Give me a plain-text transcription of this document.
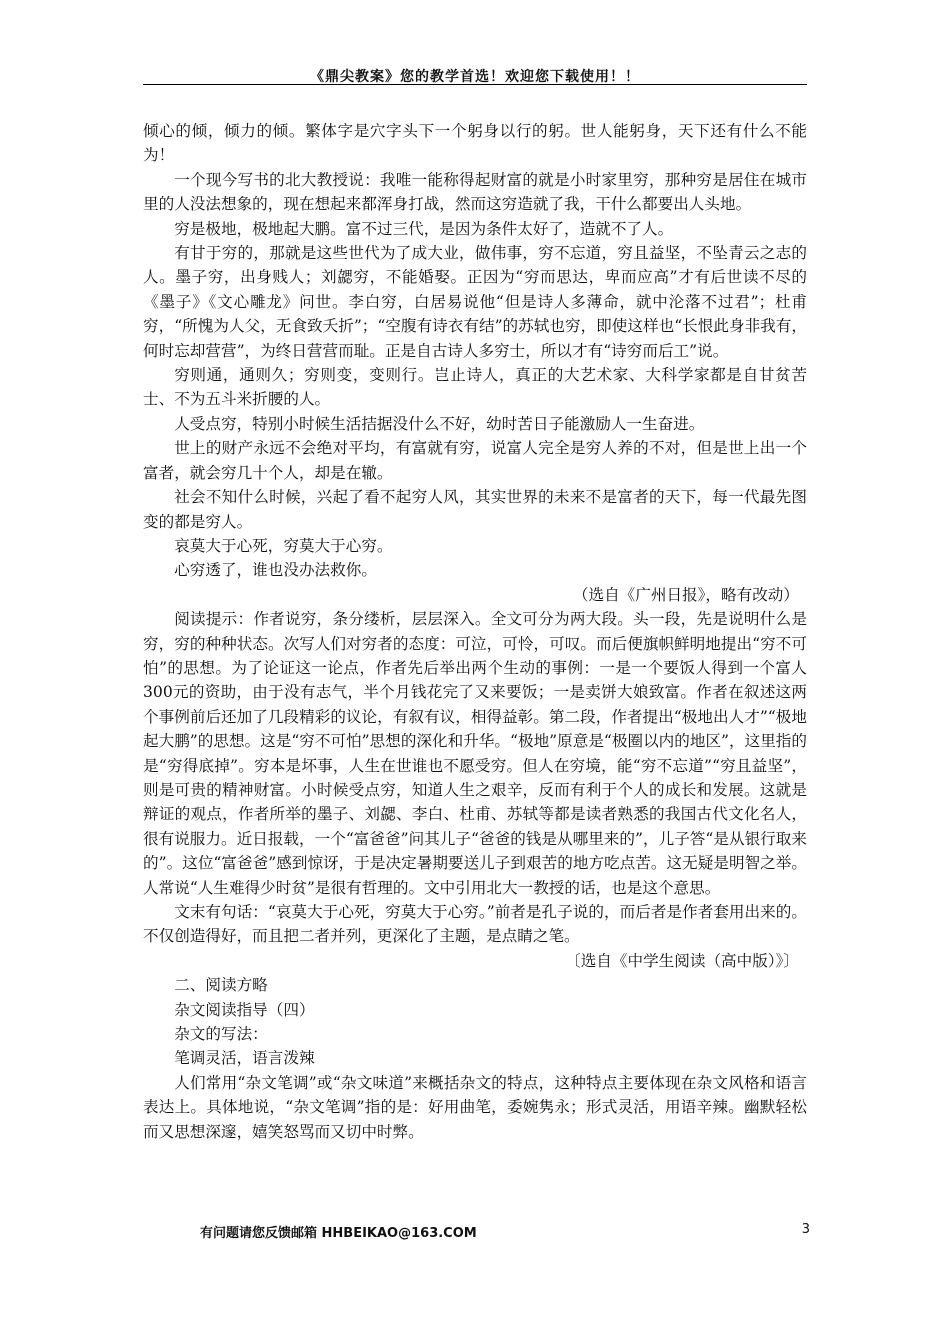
《鼎尖教案》您的教学首选！欢迎您下载使用！！

倾心的倾，倾力的倾。繁体字是穴字头下一个躬身以行的躬。世人能躬身，天下还有什么不能为！

一个现今写书的北大教授说：我唯一能称得起财富的就是小时家里穷，那种穷是居住在城市里的人没法想象的，现在想起来都浑身打战，然而这穷造就了我，干什么都要出人头地。

穷是极地，极地起大鹏。富不过三代，是因为条件太好了，造就不了人。

有甘于穷的，那就是这些世代为了成大业，做伟事，穷不忘道，穷且益坚，不坠青云之志的人。墨子穷，出身贱人；刘勰穷，不能婚娶。正因为“穷而思达，卑而应高”才有后世读不尽的《墨子》《文心雕龙》问世。李白穷，白居易说他“但是诗人多薄命，就中沦落不过君”；杜甫穷，“所愧为人父，无食致夭折”；“空腹有诗衣有结”的苏轼也穷，即使这样也“长恨此身非我有，何时忘却营营”，为终日营营而耻。正是自古诗人多穷士，所以才有“诗穷而后工”说。

穷则通，通则久；穷则变，变则行。岂止诗人，真正的大艺术家、大科学家都是自甘贫苦士、不为五斗米折腰的人。

人受点穷，特别小时候生活拮据没什么不好，幼时苦日子能激励人一生奋进。

世上的财产永远不会绝对平均，有富就有穷，说富人完全是穷人养的不对，但是世上出一个富者，就会穷几十个人，却是在辙。

社会不知什么时候，兴起了看不起穷人风，其实世界的未来不是富者的天下，每一代最先图变的都是穷人。

哀莫大于心死，穷莫大于心穷。

心穷透了，谁也没办法救你。

（选自《广州日报》，略有改动）

阅读提示：作者说穷，条分缕析，层层深入。全文可分为两大段。头一段，先是说明什么是穷，穷的种种状态。次写人们对穷者的态度：可泣，可怜，可叹。而后便旗帜鲜明地提出“穷不可怕”的思想。为了论证这一论点，作者先后举出两个生动的事例：一是一个要饭人得到一个富人300元的资助，由于没有志气，半个月钱花完了又来要饭；一是卖饼大娘致富。作者在叙述这两个事例前后还加了几段精彩的议论，有叙有议，相得益彰。第二段，作者提出“极地出人才”“极地起大鹏”的思想。这是“穷不可怕”思想的深化和升华。“极地”原意是“极圈以内的地区”，这里指的是“穷得底掉”。穷本是坏事，人生在世谁也不愿受穷。但人在穷境，能“穷不忘道”“穷且益坚”，则是可贵的精神财富。小时候受点穷，知道人生之艰辛，反而有利于个人的成长和发展。这就是辩证的观点，作者所举的墨子、刘勰、李白、杜甫、苏轼等都是读者熟悉的我国古代文化名人，很有说服力。近日报载，一个“富爸爸”问其儿子“爸爸的钱是从哪里来的”，儿子答“是从银行取来的”。这位“富爸爸”感到惊讶，于是决定暑期要送儿子到艰苦的地方吃点苦。这无疑是明智之举。人常说“人生难得少时贫”是很有哲理的。文中引用北大一教授的话，也是这个意思。

文末有句话：“哀莫大于心死，穷莫大于心穷。”前者是孔子说的，而后者是作者套用出来的。不仅创造得好，而且把二者并列，更深化了主题，是点睛之笔。

〔选自《中学生阅读（高中版）》〕

二、阅读方略

杂文阅读指导（四）

杂文的写法：

笔调灵活，语言泼辣

人们常用“杂文笔调”或“杂文味道”来概括杂文的特点，这种特点主要体现在杂文风格和语言表达上。具体地说，“杂文笔调”指的是：好用曲笔，委婉隽永；形式灵活，用语辛辣。幽默轻松而又思想深邃，嬉笑怒骂而又切中时弊。

有问题请您反馈邮箱 HHBEIKAO@163.COM	3
